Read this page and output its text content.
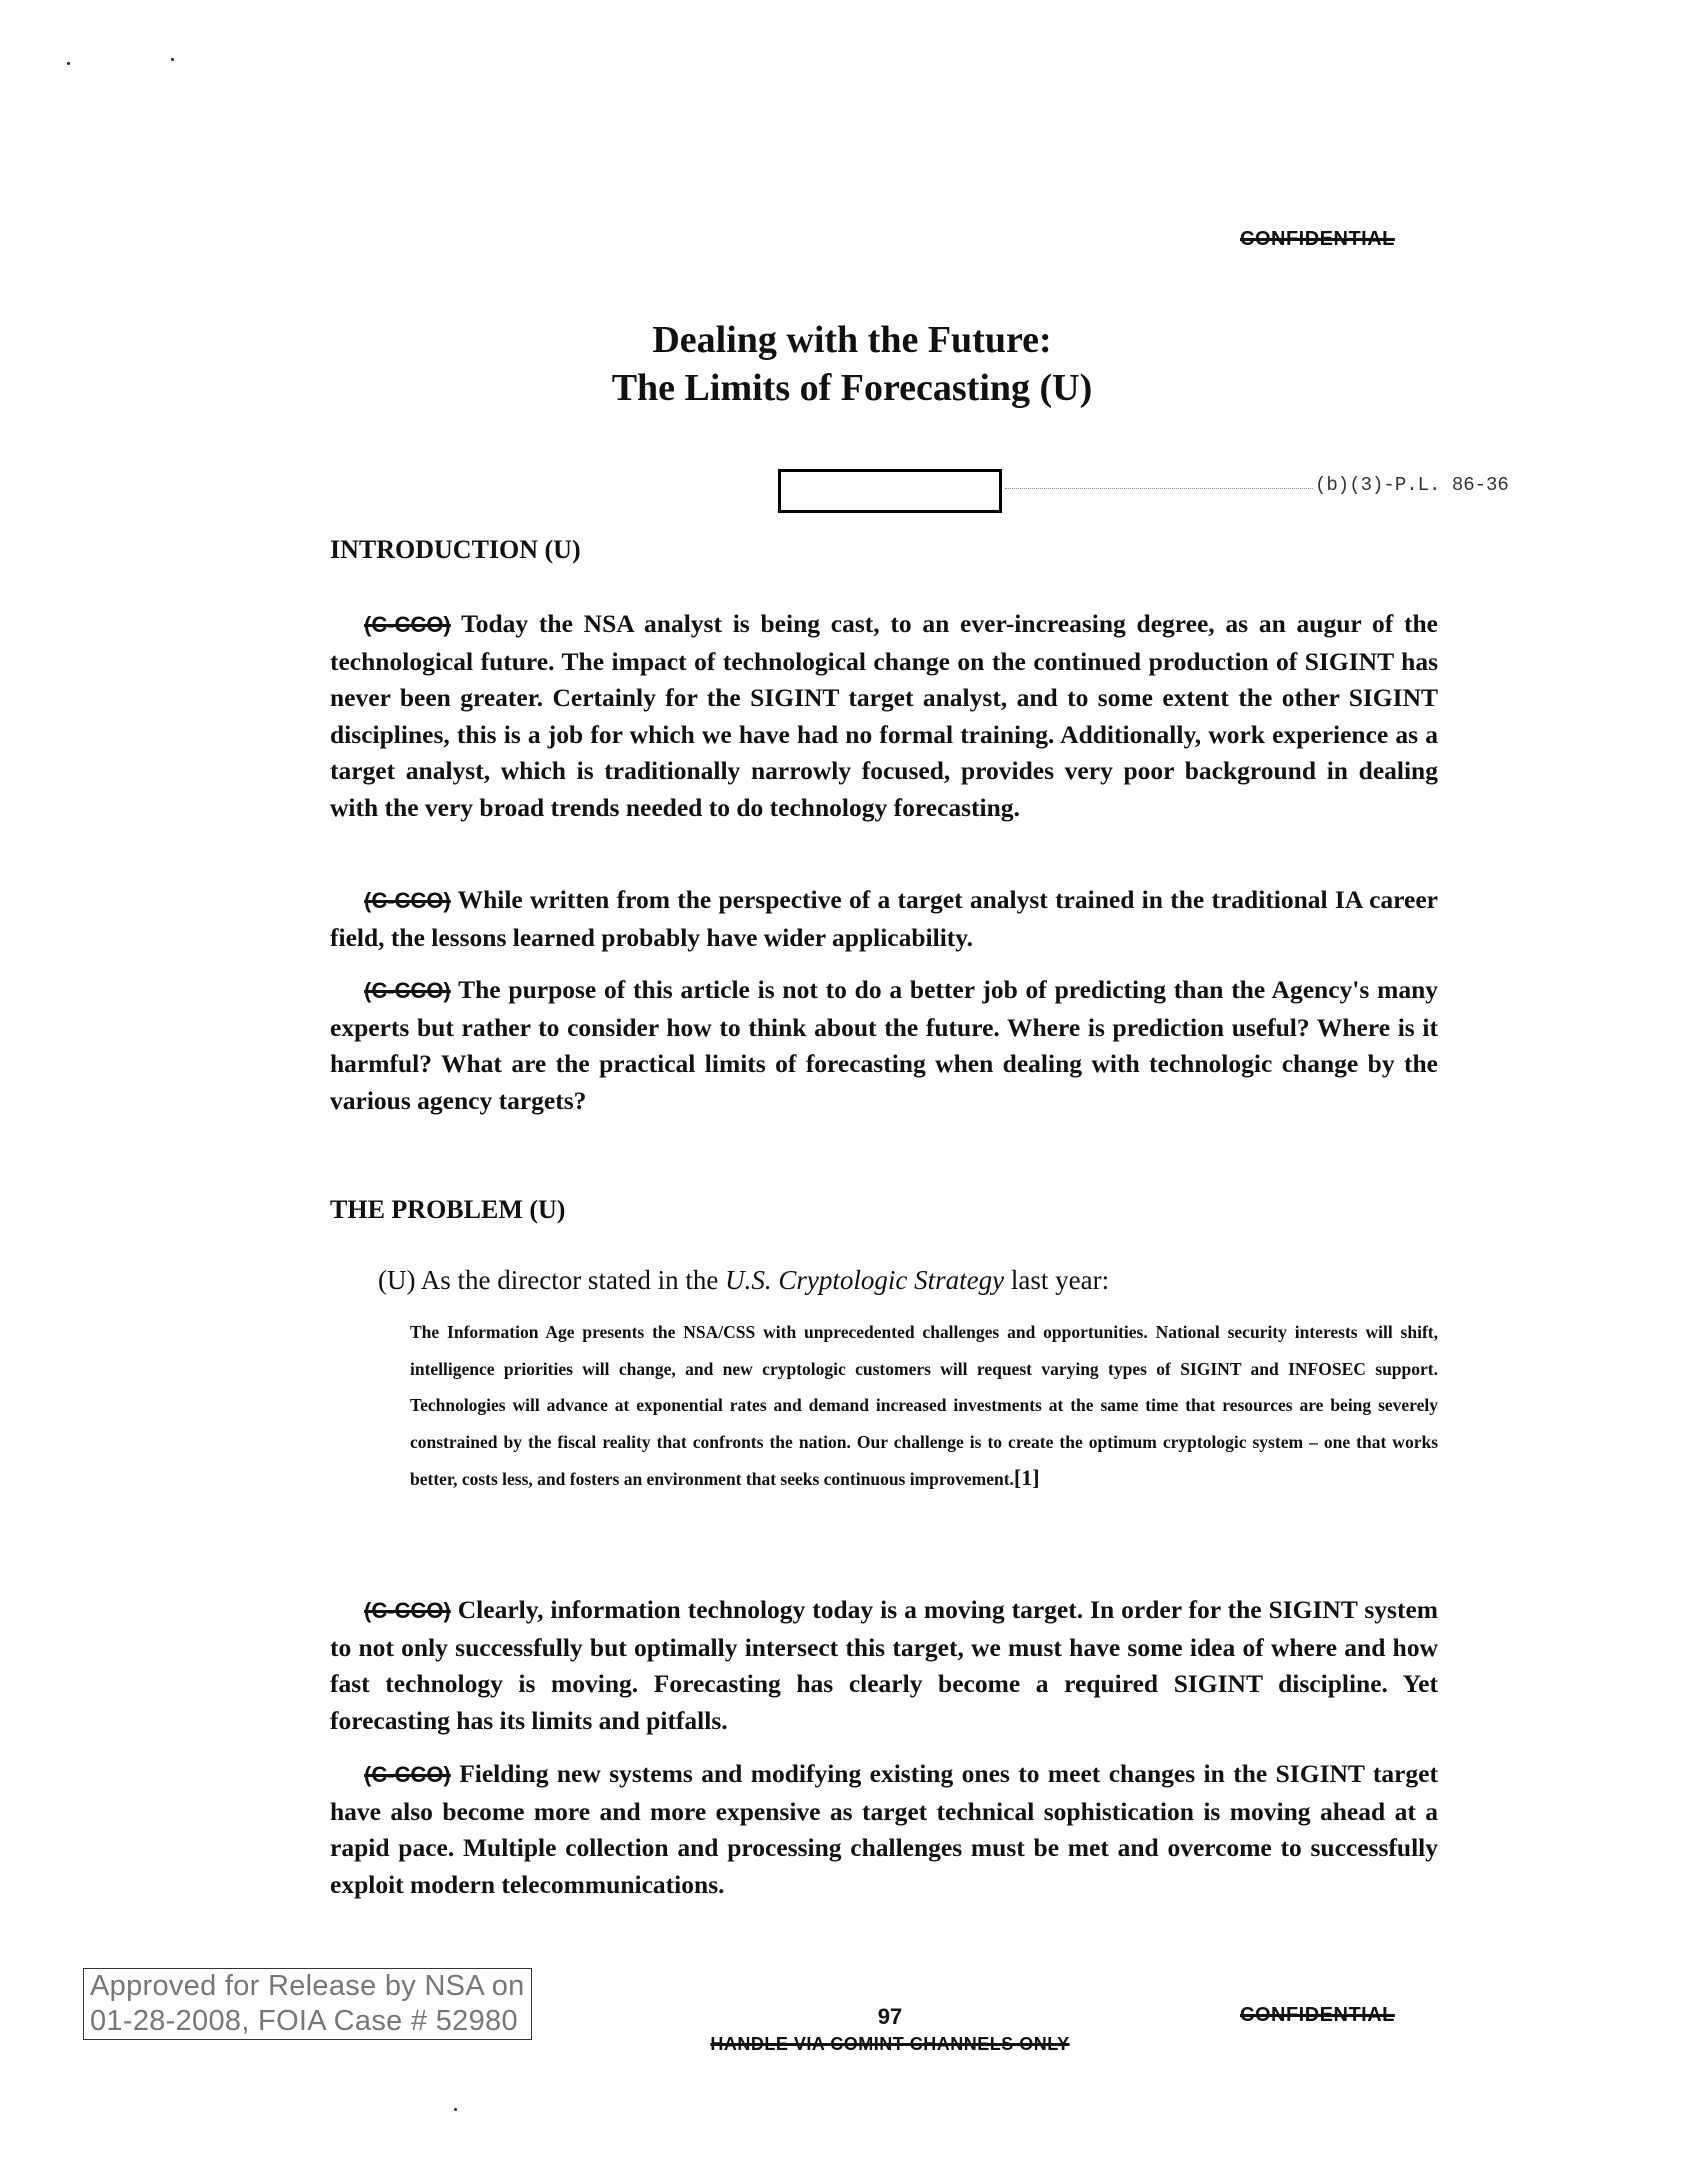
CONFIDENTIAL
Dealing with the Future:
The Limits of Forecasting (U)
(b)(3)-P.L. 86-36
INTRODUCTION (U)

(C-CCO) Today the NSA analyst is being cast, to an ever-increasing degree, as an augur of the technological future. The impact of technological change on the continued production of SIGINT has never been greater. Certainly for the SIGINT target analyst, and to some extent the other SIGINT disciplines, this is a job for which we have had no formal training. Additionally, work experience as a target analyst, which is traditionally narrowly focused, provides very poor background in dealing with the very broad trends needed to do technology forecasting.

(C-CCO) While written from the perspective of a target analyst trained in the traditional IA career field, the lessons learned probably have wider applicability.

(C-CCO) The purpose of this article is not to do a better job of predicting than the Agency's many experts but rather to consider how to think about the future. Where is prediction useful? Where is it harmful? What are the practical limits of forecasting when dealing with technologic change by the various agency targets?

THE PROBLEM (U)
(U) As the director stated in the U.S. Cryptologic Strategy last year:

The Information Age presents the NSA/CSS with unprecedented challenges and opportunities. National security interests will shift, intelligence priorities will change, and new cryptologic customers will request varying types of SIGINT and INFOSEC support. Technologies will advance at exponential rates and demand increased investments at the same time that resources are being severely constrained by the fiscal reality that confronts the nation. Our challenge is to create the optimum cryptologic system – one that works better, costs less, and fosters an environment that seeks continuous improvement.[1]

(C-CCO) Clearly, information technology today is a moving target. In order for the SIGINT system to not only successfully but optimally intersect this target, we must have some idea of where and how fast technology is moving. Forecasting has clearly become a required SIGINT discipline. Yet forecasting has its limits and pitfalls.

(C-CCO) Fielding new systems and modifying existing ones to meet changes in the SIGINT target have also become more and more expensive as target technical sophistication is moving ahead at a rapid pace. Multiple collection and processing challenges must be met and overcome to successfully exploit modern telecommunications.

Approved for Release by NSA on
01-28-2008, FOIA Case # 52980	97
HANDLE VIA COMINT CHANNELS ONLY
CONFIDENTIAL
